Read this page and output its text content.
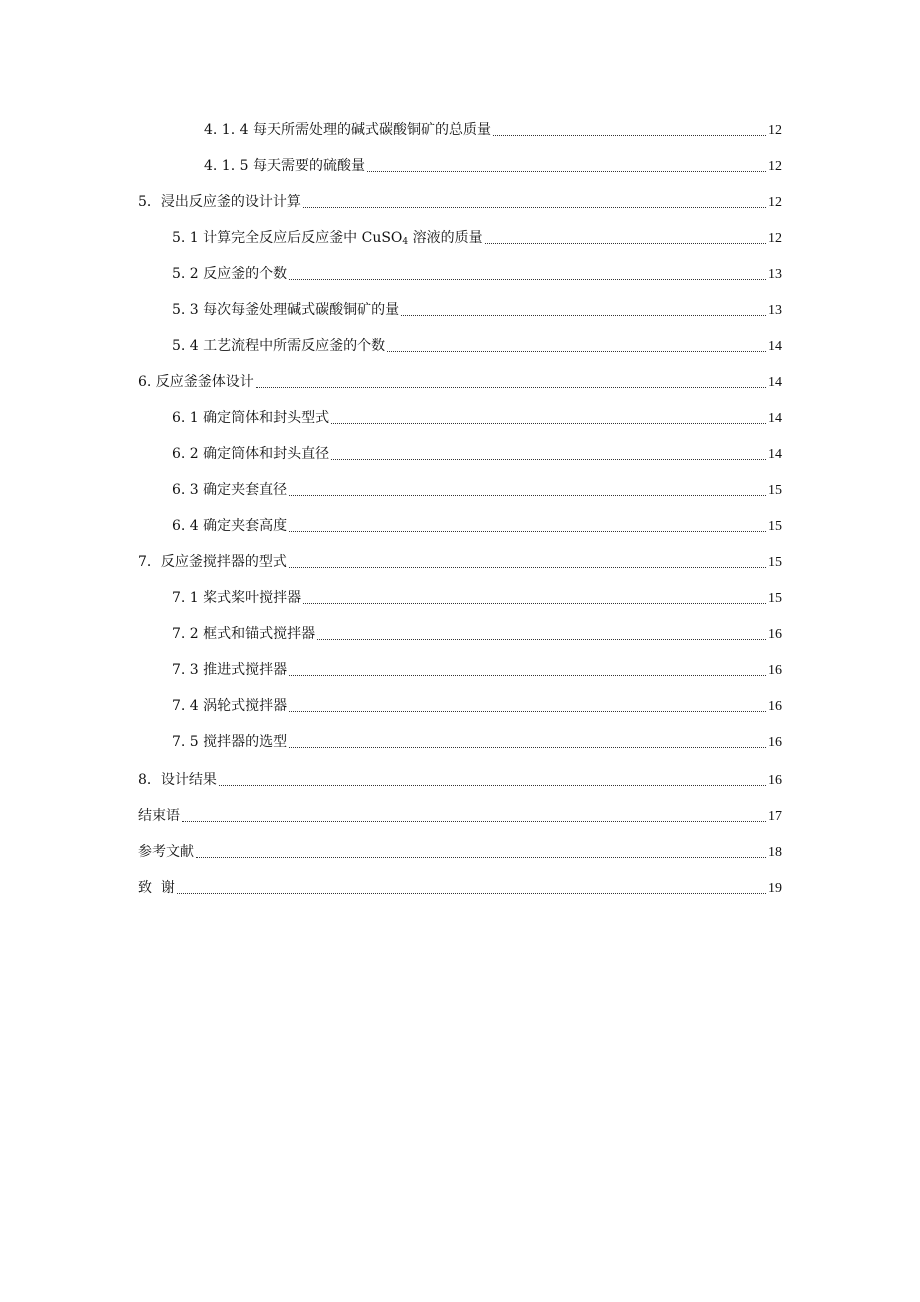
4. 1. 4 每天所需处理的碱式碳酸铜矿的总质量	12
4. 1. 5 每天需要的硫酸量	12
5．浸出反应釜的设计计算	12
5. 1 计算完全反应后反应釜中 CuSO$_4$ 溶液的质量	12
5. 2 反应釜的个数	13
5. 3 每次每釜处理碱式碳酸铜矿的量	13
5. 4 工艺流程中所需反应釜的个数	14
6. 反应釜釜体设计	14
6. 1 确定筒体和封头型式	14
6. 2 确定筒体和封头直径	14
6. 3 确定夹套直径	15
6. 4 确定夹套高度	15
7．反应釜搅拌器的型式	15
7. 1 桨式桨叶搅拌器	15
7. 2 框式和锚式搅拌器	16
7. 3 推进式搅拌器	16
7. 4 涡轮式搅拌器	16
7. 5 搅拌器的选型	16
8．设计结果	16
结束语	17
参考文献	18
致  谢	19
